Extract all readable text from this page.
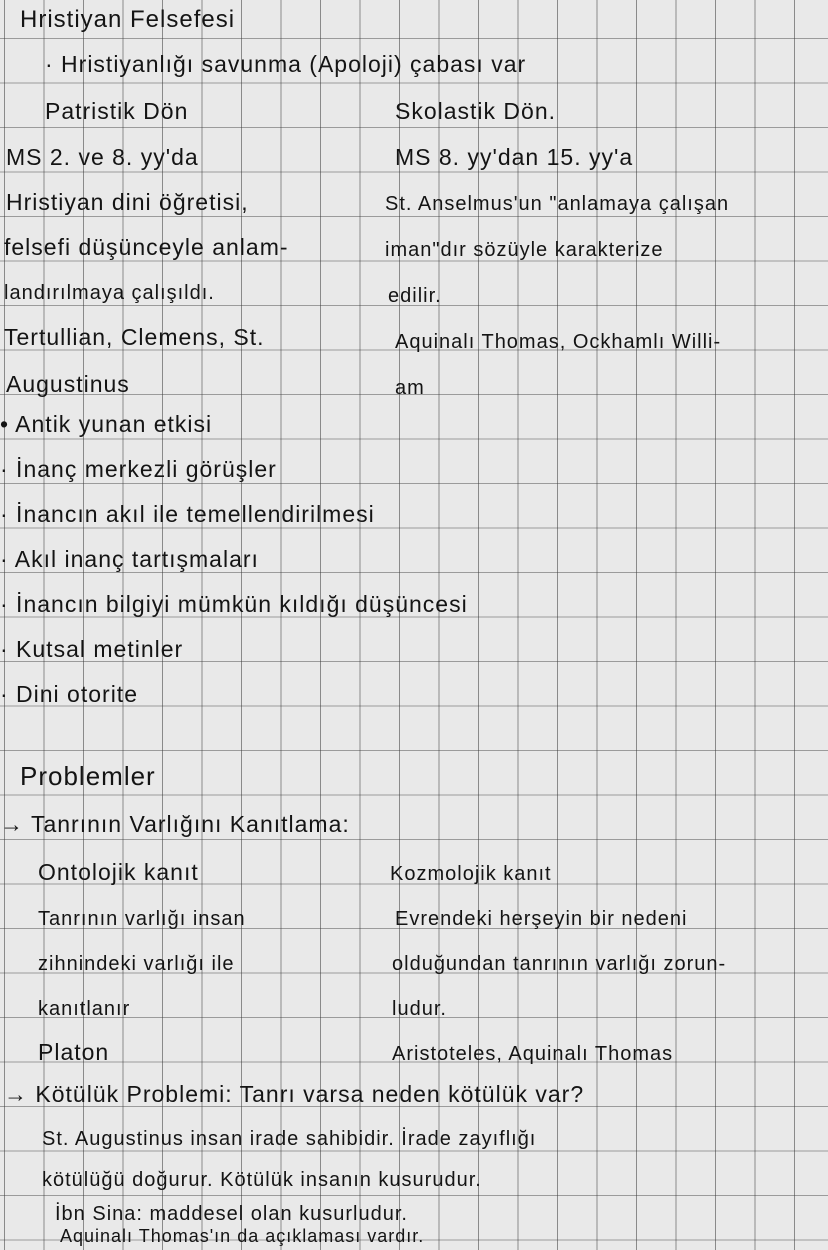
Hristiyan Felsefesi
· Hristiyanlığı savunma (Apoloji) çabası var
Patristik Dön	Skolastik Dön.
MS 2. ve 8. yy'da
Hristiyan dini öğretisi,
felsefi düşünceyle anlam-
landırılmaya çalışıldı.
Tertullian, Clemens, St.
Augustinus
MS 8. yy'dan 15. yy'a
St. Anselmus'un "anlamaya çalışan
iman"dır sözüyle karakterize
edilir.
Aquinalı Thomas, Ockhamlı Willi-
am
• Antik yunan etkisi
· İnanç merkezli görüşler
· İnancın akıl ile temellendirilmesi
· Akıl inanç tartışmaları
· İnancın bilgiyi mümkün kıldığı düşüncesi
· Kutsal metinler
· Dini otorite
Problemler
→ Tanrının Varlığını Kanıtlama:
Ontolojik kanıt
Tanrının varlığı insan
zihnindeki varlığı ile
kanıtlanır
Platon
Kozmolojik kanıt
Evrendeki herşeyin bir nedeni
olduğundan tanrının varlığı zorun-
ludur.
Aristoteles, Aquinalı Thomas
→ Kötülük Problemi: Tanrı varsa neden kötülük var?
St. Augustinus insan irade sahibidir. İrade zayıflığı
kötülüğü doğurur. Kötülük insanın kusurudur.
İbn Sina: maddesel olan kusurludur.
Aquinalı Thomas'ın da açıklaması vardır.
